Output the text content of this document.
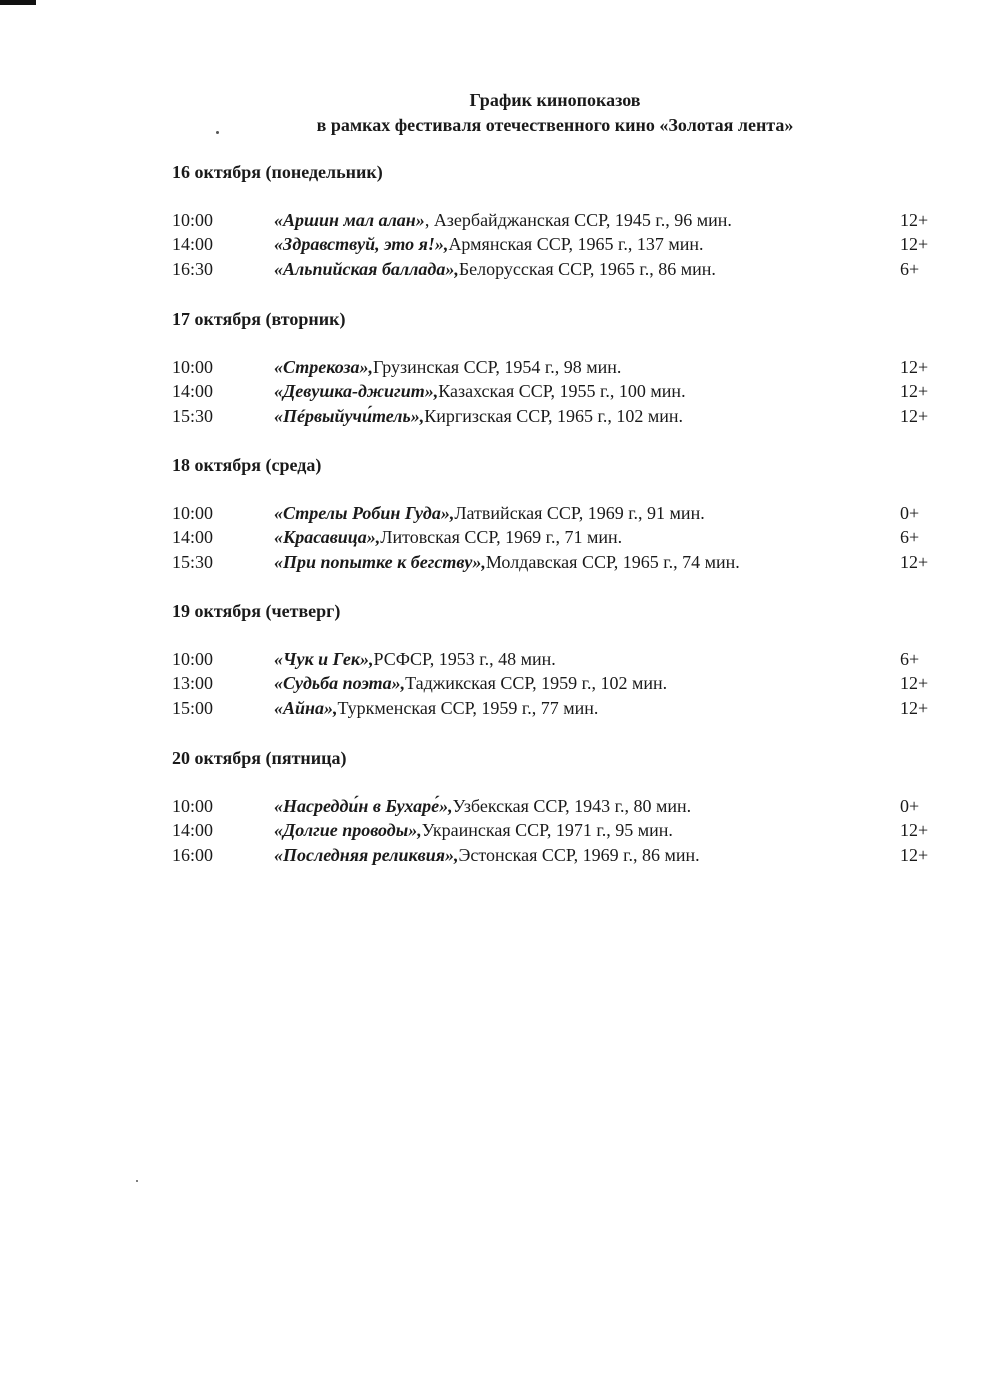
График кинопоказов
в рамках фестиваля отечественного кино «Золотая лента»
16 октября (понедельник)
10:00	«Аршин мал алан», Азербайджанская ССР, 1945 г., 96 мин.	12+
14:00	«Здравствуй, это я!»,Армянская ССР, 1965 г., 137 мин.	12+
16:30	«Альпийская баллада»,Белорусская ССР, 1965 г., 86 мин.	6+
17 октября (вторник)
10:00	«Стрекоза»,Грузинская ССР, 1954 г., 98 мин.	12+
14:00	«Девушка-джигит»,Казахская ССР, 1955 г., 100 мин.	12+
15:30	«Пéрвыйучи́тель»,Киргизская ССР, 1965 г., 102 мин.	12+
18 октября (среда)
10:00	«Стрелы Робин Гуда»,Латвийская ССР, 1969 г., 91 мин.	0+
14:00	«Красавица»,Литовская ССР, 1969 г., 71 мин.	6+
15:30	«При попытке к бегству»,Молдавская ССР, 1965 г., 74 мин.	12+
19 октября (четверг)
10:00	«Чук и Гек»,РСФСР, 1953 г., 48 мин.	6+
13:00	«Судьба поэта»,Таджикская ССР, 1959 г., 102 мин.	12+
15:00	«Айна»,Туркменская ССР, 1959 г., 77 мин.	12+
20 октября (пятница)
10:00	«Насредди́н в Бухаре́»,Узбекская ССР, 1943 г., 80 мин.	0+
14:00	«Долгие проводы»,Украинская ССР, 1971 г., 95 мин.	12+
16:00	«Последняя реликвия»,Эстонская ССР, 1969 г., 86 мин.	12+
